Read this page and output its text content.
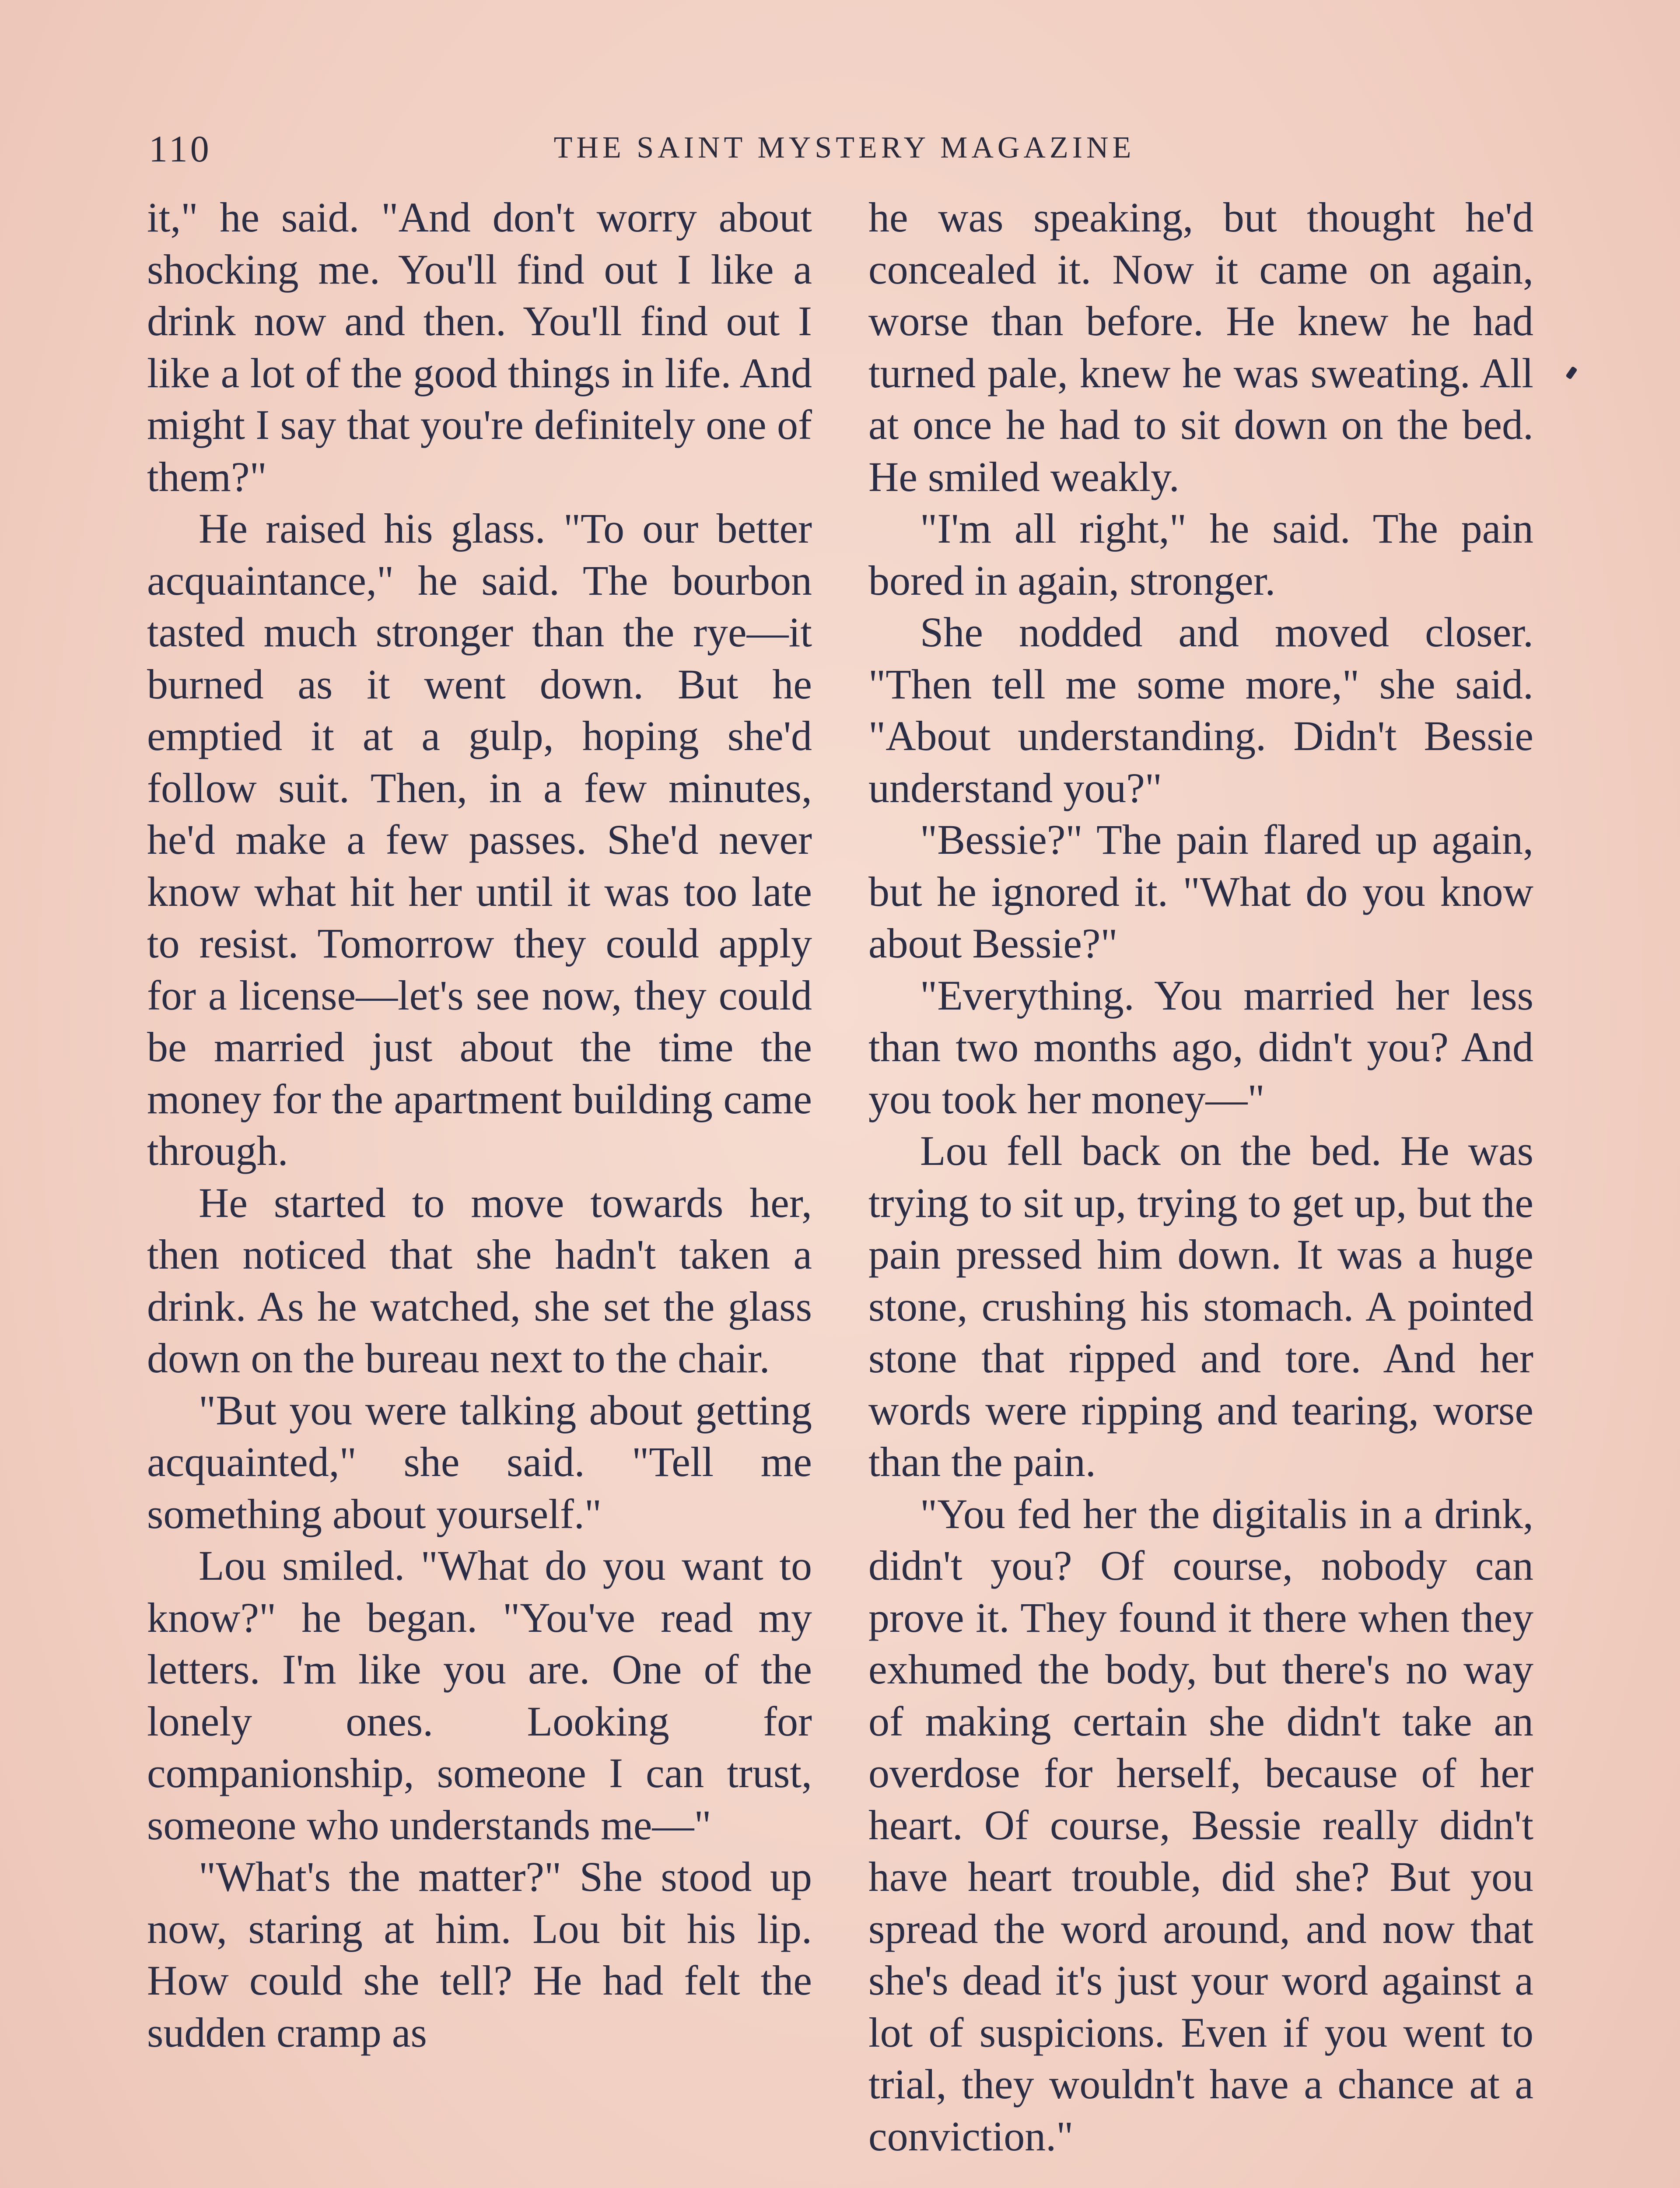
110	THE SAINT MYSTERY MAGAZINE

it," he said. "And don't worry about shocking me. You'll find out I like a drink now and then. You'll find out I like a lot of the good things in life. And might I say that you're definitely one of them?"

He raised his glass. "To our better acquaintance," he said. The bourbon tasted much stronger than the rye—it burned as it went down. But he emptied it at a gulp, hoping she'd follow suit. Then, in a few minutes, he'd make a few passes. She'd never know what hit her until it was too late to resist. Tomorrow they could apply for a license—let's see now, they could be married just about the time the money for the apartment building came through.

He started to move towards her, then noticed that she hadn't taken a drink. As he watched, she set the glass down on the bureau next to the chair.

"But you were talking about getting acquainted," she said. "Tell me something about yourself."

Lou smiled. "What do you want to know?" he began. "You've read my letters. I'm like you are. One of the lonely ones. Looking for companionship, someone I can trust, someone who understands me—"

"What's the matter?" She stood up now, staring at him. Lou bit his lip. How could she tell? He had felt the sudden cramp as

he was speaking, but thought he'd concealed it. Now it came on again, worse than before. He knew he had turned pale, knew he was sweating. All at once he had to sit down on the bed. He smiled weakly.

"I'm all right," he said. The pain bored in again, stronger.

She nodded and moved closer. "Then tell me some more," she said. "About understanding. Didn't Bessie understand you?"

"Bessie?" The pain flared up again, but he ignored it. "What do you know about Bessie?"

"Everything. You married her less than two months ago, didn't you? And you took her money—"

Lou fell back on the bed. He was trying to sit up, trying to get up, but the pain pressed him down. It was a huge stone, crushing his stomach. A pointed stone that ripped and tore. And her words were ripping and tearing, worse than the pain.

"You fed her the digitalis in a drink, didn't you? Of course, nobody can prove it. They found it there when they exhumed the body, but there's no way of making certain she didn't take an overdose for herself, because of her heart. Of course, Bessie really didn't have heart trouble, did she? But you spread the word around, and now that she's dead it's just your word against a lot of suspicions. Even if you went to trial, they wouldn't have a chance at a conviction."
